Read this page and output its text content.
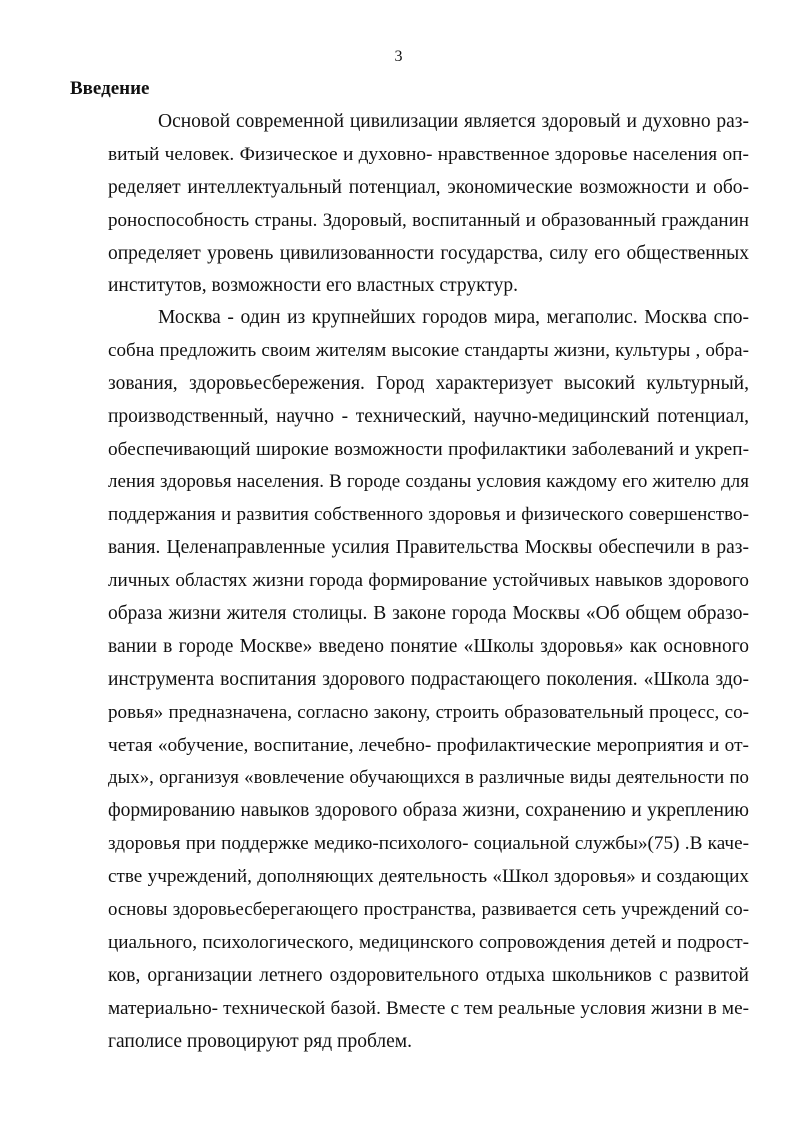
3
Введение
Основой современной цивилизации является здоровый и духовно раз-
витый человек. Физическое и духовно- нравственное здоровье населения оп-
ределяет интеллектуальный потенциал, экономические возможности и обо-
роноспособность страны. Здоровый, воспитанный и образованный гражданин
определяет уровень цивилизованности государства, силу его общественных
институтов, возможности его властных структур.
Москва - один из крупнейших городов мира, мегаполис. Москва спо-
собна предложить своим жителям высокие стандарты жизни, культуры , обра-
зования, здоровьесбережения. Город характеризует высокий культурный,
производственный, научно - технический, научно-медицинский потенциал,
обеспечивающий широкие возможности профилактики заболеваний и укреп-
ления здоровья населения. В городе созданы условия каждому его жителю для
поддержания и развития собственного здоровья и физического совершенство-
вания. Целенаправленные усилия Правительства Москвы обеспечили в раз-
личных областях жизни города формирование устойчивых навыков здорового
образа жизни жителя столицы. В законе города Москвы «Об общем образо-
вании в городе Москве» введено понятие «Школы здоровья» как основного
инструмента воспитания здорового подрастающего поколения. «Школа здо-
ровья» предназначена, согласно закону, строить образовательный процесс, со-
четая «обучение, воспитание, лечебно- профилактические мероприятия и от-
дых», организуя «вовлечение обучающихся в различные виды деятельности по
формированию навыков здорового образа жизни, сохранению и укреплению
здоровья при поддержке медико-психолого- социальной службы»(75) .В каче-
стве учреждений, дополняющих деятельность «Школ здоровья» и создающих
основы здоровьесберегающего пространства, развивается сеть учреждений со-
циального, психологического, медицинского сопровождения детей и подрост-
ков, организации летнего оздоровительного отдыха школьников с развитой
материально- технической базой. Вместе с тем реальные условия жизни в ме-
гаполисе провоцируют ряд проблем.
